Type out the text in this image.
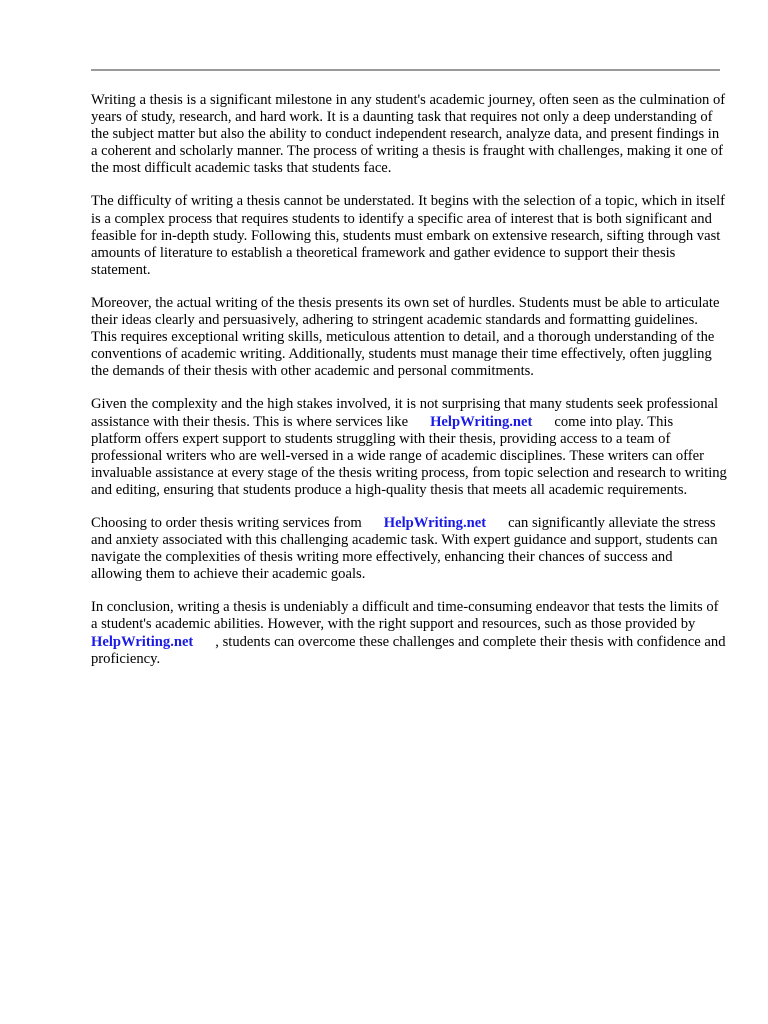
Writing a thesis is a significant milestone in any student's academic journey, often seen as the culmination of years of study, research, and hard work. It is a daunting task that requires not only a deep understanding of the subject matter but also the ability to conduct independent research, analyze data, and present findings in a coherent and scholarly manner. The process of writing a thesis is fraught with challenges, making it one of the most difficult academic tasks that students face.

The difficulty of writing a thesis cannot be understated. It begins with the selection of a topic, which in itself is a complex process that requires students to identify a specific area of interest that is both significant and feasible for in-depth study. Following this, students must embark on extensive research, sifting through vast amounts of literature to establish a theoretical framework and gather evidence to support their thesis statement.

Moreover, the actual writing of the thesis presents its own set of hurdles. Students must be able to articulate their ideas clearly and persuasively, adhering to stringent academic standards and formatting guidelines. This requires exceptional writing skills, meticulous attention to detail, and a thorough understanding of the conventions of academic writing. Additionally, students must manage their time effectively, often juggling the demands of their thesis with other academic and personal commitments.

Given the complexity and the high stakes involved, it is not surprising that many students seek professional assistance with their thesis. This is where services like HelpWriting.net come into play. This platform offers expert support to students struggling with their thesis, providing access to a team of professional writers who are well-versed in a wide range of academic disciplines. These writers can offer invaluable assistance at every stage of the thesis writing process, from topic selection and research to writing and editing, ensuring that students produce a high-quality thesis that meets all academic requirements.

Choosing to order thesis writing services from HelpWriting.net can significantly alleviate the stress and anxiety associated with this challenging academic task. With expert guidance and support, students can navigate the complexities of thesis writing more effectively, enhancing their chances of success and allowing them to achieve their academic goals.

In conclusion, writing a thesis is undeniably a difficult and time-consuming endeavor that tests the limits of a student's academic abilities. However, with the right support and resources, such as those provided byHelpWriting.net , students can overcome these challenges and complete their thesis with confidence and proficiency.
